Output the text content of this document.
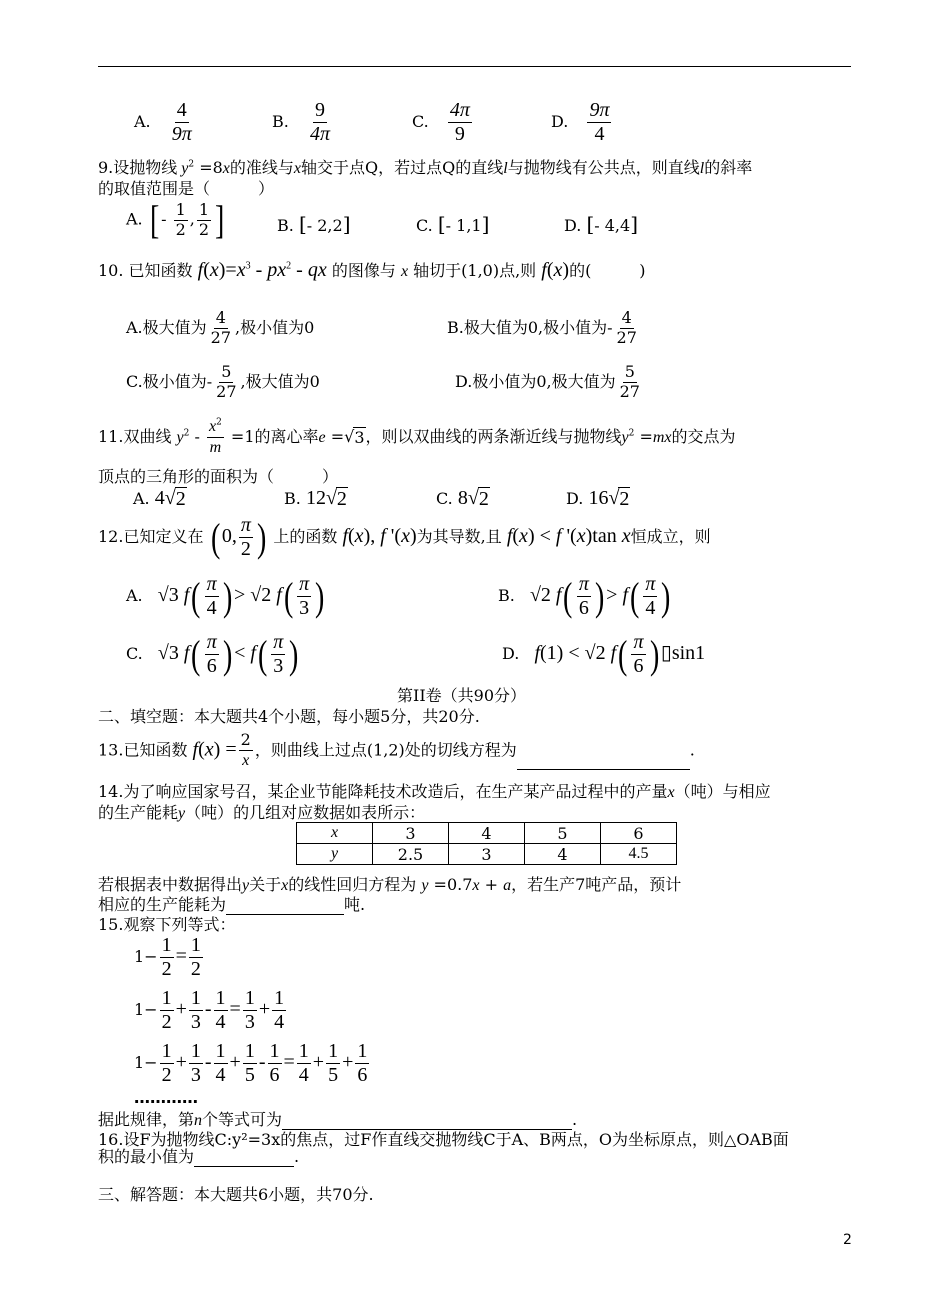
A. $\frac{4}{9\pi}$	B. $\frac{9}{4\pi}$	C. $\frac{4\pi}{9}$	D. $\frac{9\pi}{4}$
9.设抛物线 $y^2 =8x$的准线与x轴交于点Q，若过点Q的直线l与抛物线有公共点，则直线l的斜率
的取值范围是（　　　）
A. [ - $\frac{1}{2}$ , $\frac{1}{2}$ ]	B. [- 2,2]	C. [- 1,1]	D. [- 4,4]
10. 已知函数 $f(x)=x^3 - px^2$ - qx 的图像与 x 轴切于(1,0)点,则 f(x)的(　　　)
A.极大值为 $\frac{4}{27}$ ,极小值为0	B.极大值为0,极小值为- $\frac{4}{27}$
C.极小值为- $\frac{5}{27}$ ,极大值为0	D.极小值为0,极大值为 $\frac{5}{27}$
11.双曲线 $y^2 - \frac{x^2}{m} =1$的离心率e = √ 3 ，则以双曲线的两条渐近线与抛物线$y^2 =mx$的交点为
顶点的三角形的面积为（　　　）
A. 4 √ 2	B. 12 √ 2	C. 8 √ 2	D. 16 √ 2
12.已知定义在 (0, $\frac{\pi}{2}$ ) 上的函数 f(x), f '(x)为其导数,且 f(x) < f '(x)tan x恒成立，则
A. √3 $f( \frac{\pi}{4}$ )> √2 $f( \frac{\pi}{3}$ )	B. √2 $f( \frac{\pi}{6}$ )> $f( \frac{\pi}{4}$ )
C. √3 $f( \frac{\pi}{6}$ )< $f( \frac{\pi}{3}$ )	D. f(1) < √2 $f( \frac{\pi}{6}$ )▯sin1
第II卷（共90分）
二、填空题：本大题共4个小题，每小题5分，共20分.
13.已知函数 $f(x) = \frac{2}{x}$ ，则曲线上过点(1,2)处的切线方程为	.
14.为了响应国家号召，某企业节能降耗技术改造后，在生产某产品过程中的产量x（吨）与相应
的生产能耗y（吨）的几组对应数据如表所示：
x	3	4	5	6
y	2.5	3	4	4.5
若根据表中数据得出y关于x的线性回归方程为 y =0.7x + a，若生产7吨产品，预计
相应的生产能耗为	吨.
15.观察下列等式：
$1- \frac{1}{2} = \frac{1}{2}$
$1- \frac{1}{2} + \frac{1}{3} - \frac{1}{4} = \frac{1}{3} + \frac{1}{4}$
$1- \frac{1}{2} + \frac{1}{3} - \frac{1}{4} + \frac{1}{5} - \frac{1}{6} = \frac{1}{4} + \frac{1}{5} + \frac{1}{6}$
…………
据此规律，第n个等式可为	.
16.设F为抛物线C:y²=3x的焦点，过F作直线交抛物线C于A、B两点，O为坐标原点，则△OAB面
积的最小值为	.
三、解答题：本大题共6小题，共70分.
2
